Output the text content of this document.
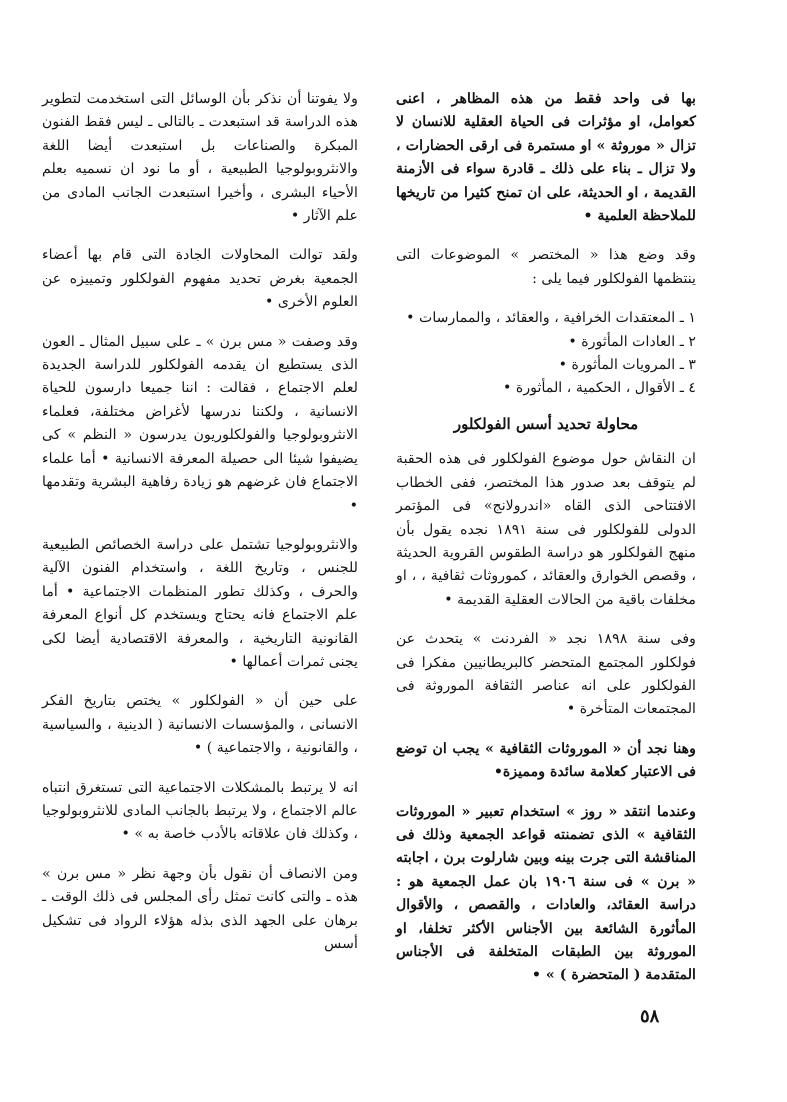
بها فى واحد فقط من هذه المظاهر ، اعنى كعوامل، او مؤثرات فى الحياة العقلية للانسان لا تزال « موروثة » او مستمرة فى ارقى الحضارات ، ولا تزال ـ بناء على ذلك ـ قادرة سواء فى الأزمنة القديمة ، او الحديثة، على ان تمنح كثيرا من تاريخها للملاحظة العلمية •

وقد وضع هذا « المختصر » الموضوعات التى ينتظمها الفولكلور فيما يلى :

١ ـ المعتقدات الخرافية ، والعقائد ، والممارسات •
٢ ـ العادات المأثورة •
٣ ـ المرويات المأثورة •
٤ ـ الأقوال ، الحكمية ، المأثورة •
محاولة تحديد أسس الفولكلور

ان النقاش حول موضوع الفولكلور فى هذه الحقبة لم يتوقف بعد صدور هذا المختصر، ففى الخطاب الافتتاحى الذى القاه «اندرولانج» فى المؤتمر الدولى للفولكلور فى سنة ١٨٩١ نجده يقول بأن منهج الفولكلور هو دراسة الطقوس القروية الحديثة ، وقصص الخوارق والعقائد ، كموروثات ثقافية ، ، او مخلفات باقية من الحالات العقلية القديمة •

وفى سنة ١٨٩٨ نجد « الفردنت » يتحدث عن فولكلور المجتمع المتحضر كالبريطانيين مفكرا فى الفولكلور على انه عناصر الثقافة الموروثة فى المجتمعات المتأخرة •

وهنا نجد أن « الموروثات الثقافية » يجب ان توضع فى الاعتبار كعلامة سائدة ومميزة•

وعندما انتقد « روز » استخدام تعبير « الموروثات الثقافية » الذى تضمنته قواعد الجمعية وذلك فى المناقشة التى جرت بينه وبين شارلوت برن ، اجابته « برن » فى سنة ١٩٠٦ بان عمل الجمعية هو : دراسة العقائد، والعادات ، والقصص ، والأقوال المأثورة الشائعة بين الأجناس الأكثر تخلفا، او الموروثة بين الطبقات المتخلفة فى الأجناس المتقدمة ( المتحضرة ) » •

ولا يفوتنا أن نذكر بأن الوسائل التى استخدمت لتطوير هذه الدراسة قد استبعدت ـ بالتالى ـ ليس فقط الفنون المبكرة والصناعات بل استبعدت أيضا اللغة والانثروبولوجيا الطبيعية ، أو ما نود ان نسميه بعلم الأحياء البشرى ، وأخيرا استبعدت الجانب المادى من علم الآثار •

ولقد توالت المحاولات الجادة التى قام بها أعضاء الجمعية بغرض تحديد مفهوم الفولكلور وتمييزه عن العلوم الأخرى •

وقد وصفت « مس برن » ـ على سبيل المثال ـ العون الذى يستطيع ان يقدمه الفولكلور للدراسة الجديدة لعلم الاجتماع ، فقالت : اننا جميعا دارسون للحياة الانسانية ، ولكننا ندرسها لأغراض مختلفة، فعلماء الانثروبولوجيا والفولكلوريون يدرسون « النظم » كى يضيفوا شيئا الى حصيلة المعرفة الانسانية • أما علماء الاجتماع فان غرضهم هو زيادة رفاهية البشرية وتقدمها •

والانثروبولوجيا تشتمل على دراسة الخصائص الطبيعية للجنس ، وتاريخ اللغة ، واستخدام الفنون الآلية والحرف ، وكذلك تطور المنظمات الاجتماعية • أما علم الاجتماع فانه يحتاج ويستخدم كل أنواع المعرفة القانونية التاريخية ، والمعرفة الاقتصادية أيضا لكى يجنى ثمرات أعمالها •

على حين أن « الفولكلور » يختص بتاريخ الفكر الانسانى ، والمؤسسات الانسانية ( الدينية ، والسياسية ، والقانونية ، والاجتماعية ) •

انه لا يرتبط بالمشكلات الاجتماعية التى تستغرق انتباه عالم الاجتماع ، ولا يرتبط بالجانب المادى للانثروبولوجيا ، وكذلك فان علاقاته بالأدب خاصة به » •

ومن الانصاف أن نقول بأن وجهة نظر « مس برن » هذه ـ والتى كانت تمثل رأى المجلس فى ذلك الوقت ـ برهان على الجهد الذى بذله هؤلاء الرواد فى تشكيل أسس

٥٨
